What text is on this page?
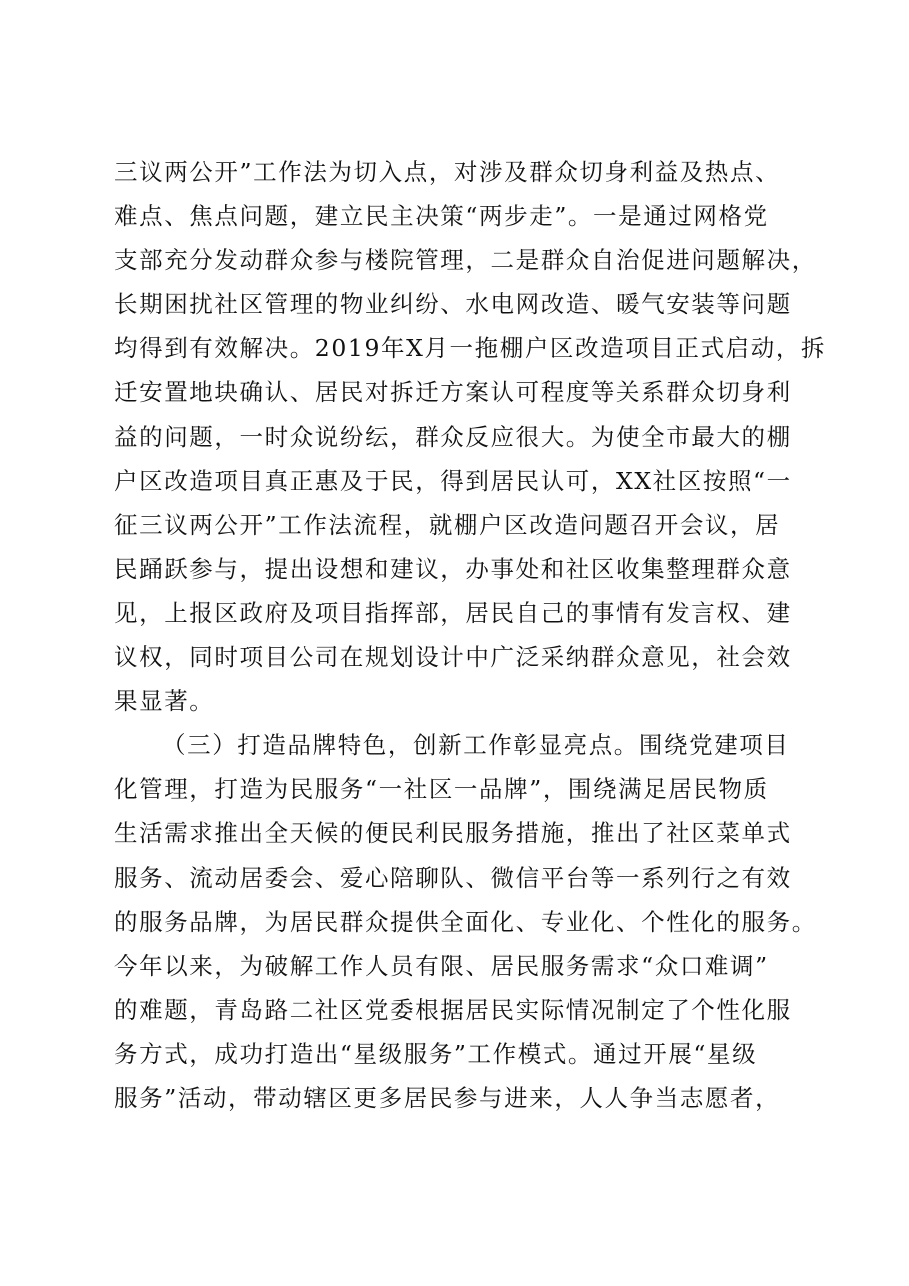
三议两公开”工作法为切入点，对涉及群众切身利益及热点、
难点、焦点问题，建立民主决策“两步走”。一是通过网格党
支部充分发动群众参与楼院管理，二是群众自治促进问题解决，
长期困扰社区管理的物业纠纷、水电网改造、暖气安装等问题
均得到有效解决。2019年X月一拖棚户区改造项目正式启动，拆
迁安置地块确认、居民对拆迁方案认可程度等关系群众切身利
益的问题，一时众说纷纭，群众反应很大。为使全市最大的棚
户区改造项目真正惠及于民，得到居民认可，XX社区按照“一
征三议两公开”工作法流程，就棚户区改造问题召开会议，居
民踊跃参与，提出设想和建议，办事处和社区收集整理群众意
见，上报区政府及项目指挥部，居民自己的事情有发言权、建
议权，同时项目公司在规划设计中广泛采纳群众意见，社会效
果显著。
（三）打造品牌特色，创新工作彰显亮点。围绕党建项目
化管理，打造为民服务“一社区一品牌”，围绕满足居民物质
生活需求推出全天候的便民利民服务措施，推出了社区菜单式
服务、流动居委会、爱心陪聊队、微信平台等一系列行之有效
的服务品牌，为居民群众提供全面化、专业化、个性化的服务。
今年以来，为破解工作人员有限、居民服务需求“众口难调”
的难题，青岛路二社区党委根据居民实际情况制定了个性化服
务方式，成功打造出“星级服务”工作模式。通过开展“星级
服务”活动，带动辖区更多居民参与进来，人人争当志愿者，
